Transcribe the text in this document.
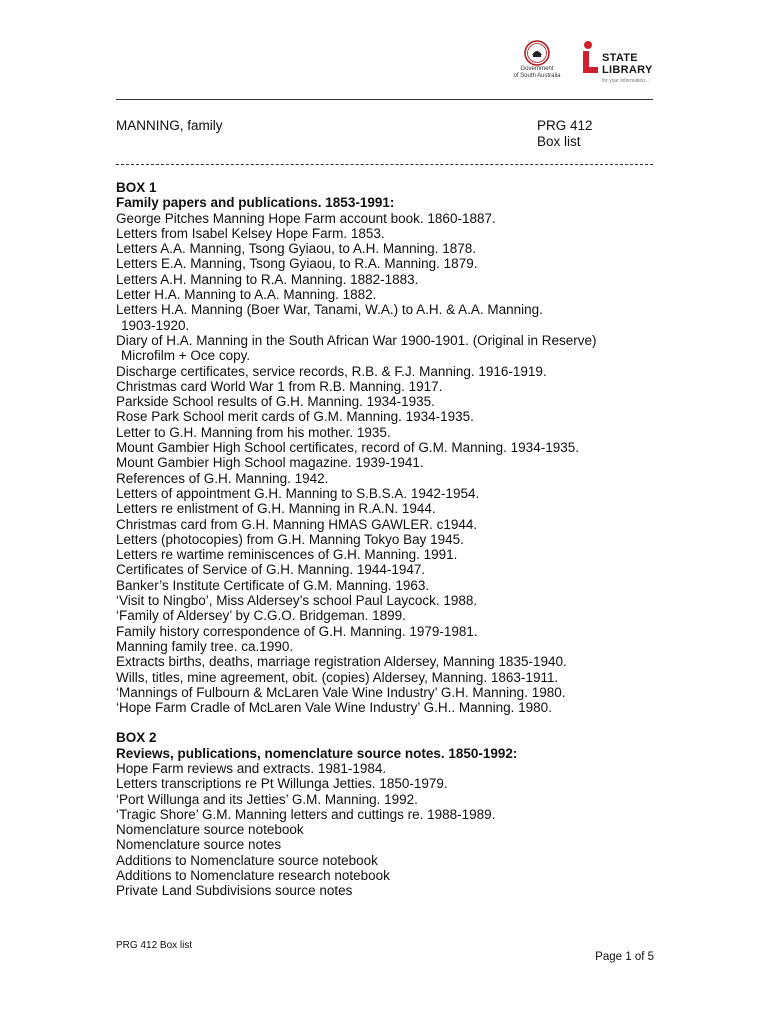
Government
of South Australia
STATE
LIBRARY
for your information...
MANNING, family	PRG 412
Box list
BOX 1
Family papers and publications. 1853-1991:
George Pitches Manning Hope Farm account book. 1860-1887.
Letters from Isabel Kelsey Hope Farm. 1853.
Letters A.A. Manning, Tsong Gyiaou, to A.H. Manning. 1878.
Letters E.A. Manning, Tsong Gyiaou, to R.A. Manning. 1879.
Letters A.H. Manning to R.A. Manning. 1882-1883.
Letter H.A. Manning to A.A. Manning. 1882.
Letters H.A. Manning (Boer War, Tanami, W.A.) to A.H. & A.A. Manning.
1903-1920.
Diary of H.A. Manning in the South African War 1900-1901. (Original in Reserve)
Microfilm + Oce copy.
Discharge certificates, service records, R.B. & F.J. Manning. 1916-1919.
Christmas card World War 1 from R.B. Manning. 1917.
Parkside School results of G.H. Manning. 1934-1935.
Rose Park School merit cards of G.M. Manning. 1934-1935.
Letter to G.H. Manning from his mother. 1935.
Mount Gambier High School certificates, record of G.M. Manning. 1934-1935.
Mount Gambier High School magazine. 1939-1941.
References of G.H. Manning. 1942.
Letters of appointment G.H. Manning to S.B.S.A. 1942-1954.
Letters re enlistment of G.H. Manning in R.A.N. 1944.
Christmas card from G.H. Manning HMAS GAWLER. c1944.
Letters (photocopies) from G.H. Manning Tokyo Bay 1945.
Letters re wartime reminiscences of G.H. Manning. 1991.
Certificates of Service of G.H. Manning. 1944-1947.
Banker’s Institute Certificate of G.M. Manning. 1963.
‘Visit to Ningbo’, Miss Aldersey’s school Paul Laycock. 1988.
‘Family of Aldersey’ by C.G.O. Bridgeman. 1899.
Family history correspondence of G.H. Manning. 1979-1981.
Manning family tree. ca.1990.
Extracts births, deaths, marriage registration Aldersey, Manning 1835-1940.
Wills, titles, mine agreement, obit. (copies) Aldersey, Manning. 1863-1911.
‘Mannings of Fulbourn & McLaren Vale Wine Industry’ G.H. Manning. 1980.
‘Hope Farm Cradle of McLaren Vale Wine Industry’ G.H.. Manning. 1980.
BOX 2
Reviews, publications, nomenclature source notes. 1850-1992:
Hope Farm reviews and extracts. 1981-1984.
Letters transcriptions re Pt Willunga Jetties. 1850-1979.
‘Port Willunga and its Jetties’ G.M. Manning. 1992.
‘Tragic Shore’ G.M. Manning letters and cuttings re. 1988-1989.
Nomenclature source notebook
Nomenclature source notes
Additions to Nomenclature source notebook
Additions to Nomenclature research notebook
Private Land Subdivisions source notes
PRG 412 Box list
Page 1 of 5
